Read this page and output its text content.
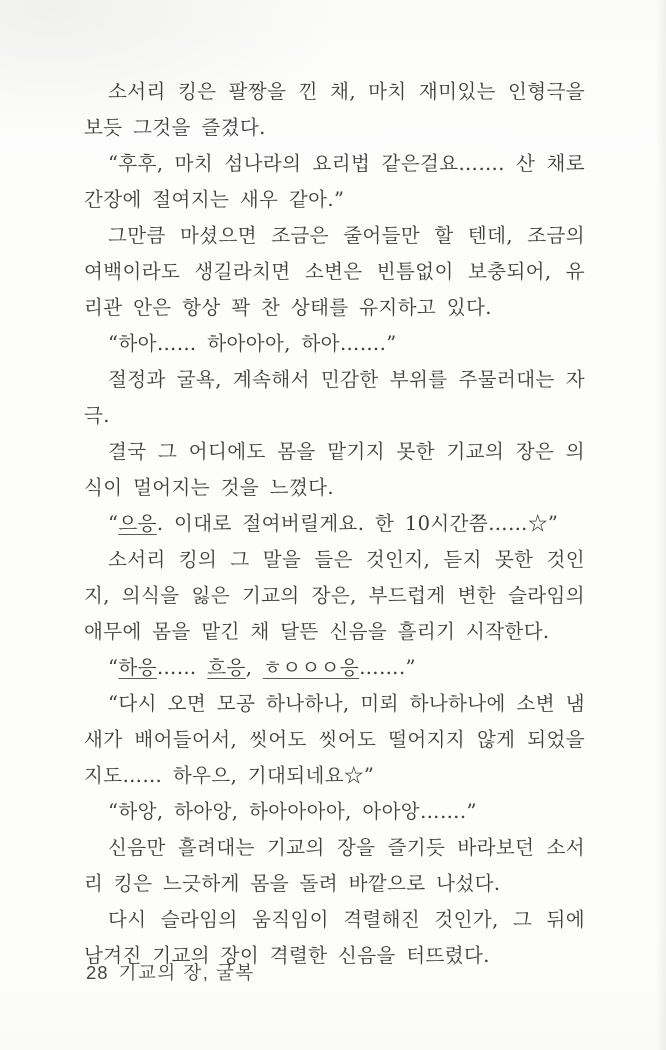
소서리 킹은 팔짱을 낀 채, 마치 재미있는 인형극을 보듯 그것을 즐겼다.

“후후, 마치 섬나라의 요리법 같은걸요……. 산 채로 간장에 절여지는 새우 같아.”

그만큼 마셨으면 조금은 줄어들만 할 텐데, 조금의 여백이라도 생길라치면 소변은 빈틈없이 보충되어, 유리관 안은 항상 꽉 찬 상태를 유지하고 있다.

“하아…… 하아아아, 하아…….”

절정과 굴욕, 계속해서 민감한 부위를 주물러대는 자극.

결국 그 어디에도 몸을 맡기지 못한 기교의 장은 의식이 멀어지는 것을 느꼈다.

“으응. 이대로 절여버릴게요. 한 10시간쯤……☆”

소서리 킹의 그 말을 들은 것인지, 듣지 못한 것인지, 의식을 잃은 기교의 장은, 부드럽게 변한 슬라임의 애무에 몸을 맡긴 채 달뜬 신음을 흘리기 시작한다.

“하응…… 흐응, ㅎㅇㅇㅇ응…….”

“다시 오면 모공 하나하나, 미뢰 하나하나에 소변 냄새가 배어들어서, 씻어도 씻어도 떨어지지 않게 되었을지도…… 하우으, 기대되네요☆”

“하앙, 하아앙, 하아아아아, 아아앙…….”

신음만 흘려대는 기교의 장을 즐기듯 바라보던 소서리 킹은 느긋하게 몸을 돌려 바깥으로 나섰다.

다시 슬라임의 움직임이 격렬해진 것인가, 그 뒤에 남겨진 기교의 장이 격렬한 신음을 터뜨렸다.

28 기교의 장, 굴복
